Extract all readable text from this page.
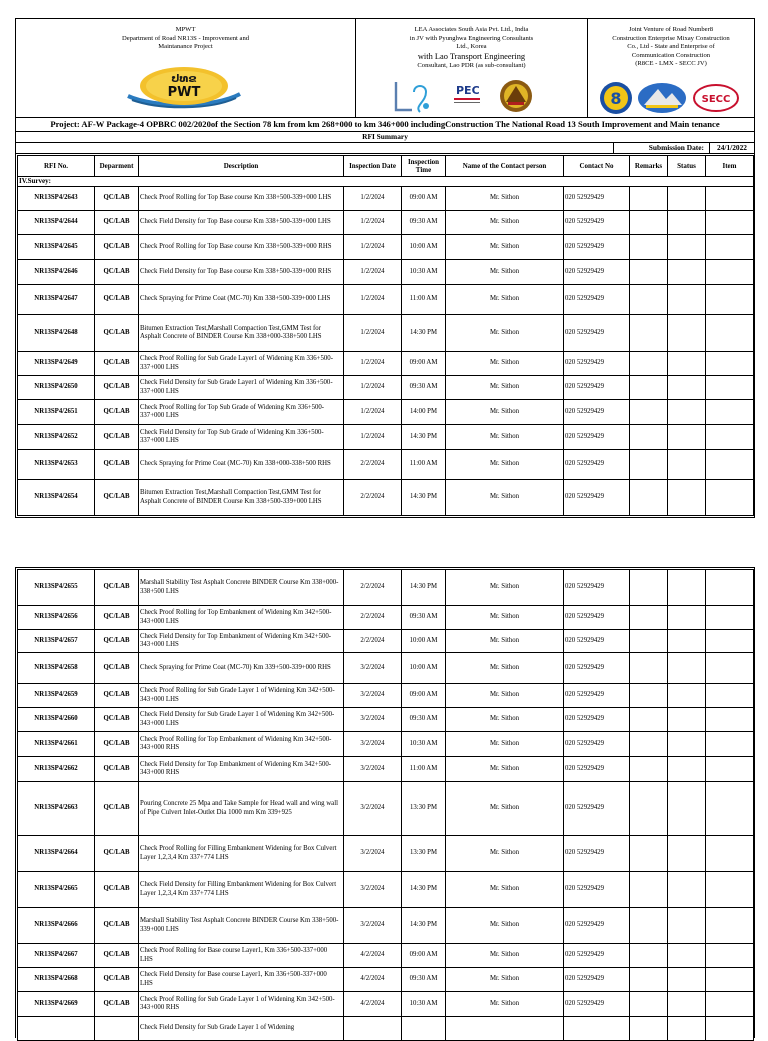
MPWT
Department of Road NR13S - Improvement and
Maintanance Project
ປທຂ
PWT
LEA Associates South Asia Pvt. Ltd., India
in JV with Pyunghwa Engineering Consultants
Ltd., Korea
with Lao Transport Engineering
Consultant, Lao PDR (as sub-consultant)
PEC
Joint Venture of Road Number8
Construction Enterprise Mixay Construction
Co., Ltd - State and Enterprise of
Communication Construction
(R8CE - LMX - SECC JV)
8	SECC
Project: AF-W Package-4 OPBRC 002/2020of the Section 78 km from km 268+000 to km 346+000 includingConstruction The National Road 13 South Improvement and Main tenance
RFI Summary
Submission Date:	24/1/2022
RFI No.	Deparment	Description	Inspection Date	Inspection Time	Name of the Contact person	Contact No	Remarks	Status	Item
IV.Survey:									
NR13SP4/2643	QC/LAB	Check Proof Rolling for Top Base course Km 338+500-339+000 LHS	1/2/2024	09:00 AM	Mr. Sithon	020 52929429			
NR13SP4/2644	QC/LAB	Check Field Density for Top Base course Km 338+500-339+000 LHS	1/2/2024	09:30 AM	Mr. Sithon	020 52929429			
NR13SP4/2645	QC/LAB	Check Proof Rolling for Top Base course Km 338+500-339+000 RHS	1/2/2024	10:00 AM	Mr. Sithon	020 52929429			
NR13SP4/2646	QC/LAB	Check Field Density for Top Base course Km 338+500-339+000 RHS	1/2/2024	10:30 AM	Mr. Sithon	020 52929429			
NR13SP4/2647	QC/LAB	Check Spraying for Prime Coat (MC-70) Km 338+500-339+000 LHS	1/2/2024	11:00 AM	Mr. Sithon	020 52929429			
NR13SP4/2648	QC/LAB	Bitumen Extraction Test,Marshall Compaction Test,GMM Test for Asphalt Concrete of BINDER Course Km 338+000-338+500 LHS	1/2/2024	14:30 PM	Mr. Sithon	020 52929429			
NR13SP4/2649	QC/LAB	Check Proof Rolling for Sub Grade Layer1 of Widening Km 336+500-337+000 LHS	1/2/2024	09:00 AM	Mr. Sithon	020 52929429			
NR13SP4/2650	QC/LAB	Check Field Density for Sub Grade Layer1 of Widening Km 336+500-337+000 LHS	1/2/2024	09:30 AM	Mr. Sithon	020 52929429			
NR13SP4/2651	QC/LAB	Check Proof Rolling for Top Sub Grade of Widening Km 336+500-337+000 LHS	1/2/2024	14:00 PM	Mr. Sithon	020 52929429			
NR13SP4/2652	QC/LAB	Check Field Density for Top Sub Grade of Widening Km 336+500-337+000 LHS	1/2/2024	14:30 PM	Mr. Sithon	020 52929429			
NR13SP4/2653	QC/LAB	Check Spraying for Prime Coat (MC-70) Km 338+000-338+500 RHS	2/2/2024	11:00 AM	Mr. Sithon	020 52929429			
NR13SP4/2654	QC/LAB	Bitumen Extraction Test,Marshall Compaction Test,GMM Test for Asphalt Concrete of BINDER Course Km 338+500-339+000 LHS	2/2/2024	14:30 PM	Mr. Sithon	020 52929429			
NR13SP4/2655	QC/LAB	Marshall Stability Test Asphalt Concrete BINDER Course Km 338+000-338+500 LHS	2/2/2024	14:30 PM	Mr. Sithon	020 52929429			
NR13SP4/2656	QC/LAB	Check Proof Rolling for Top Embankment of Widening Km 342+500-343+000 LHS	2/2/2024	09:30 AM	Mr. Sithon	020 52929429			
NR13SP4/2657	QC/LAB	Check Field Density for Top Embankment of Widening Km 342+500-343+000 LHS	2/2/2024	10:00 AM	Mr. Sithon	020 52929429			
NR13SP4/2658	QC/LAB	Check Spraying for Prime Coat (MC-70) Km 339+500-339+000 RHS	3/2/2024	10:00 AM	Mr. Sithon	020 52929429			
NR13SP4/2659	QC/LAB	Check Proof Rolling for Sub Grade Layer 1 of Widening Km 342+500-343+000 LHS	3/2/2024	09:00 AM	Mr. Sithon	020 52929429			
NR13SP4/2660	QC/LAB	Check Field Density for Sub Grade Layer 1 of Widening Km 342+500-343+000 LHS	3/2/2024	09:30 AM	Mr. Sithon	020 52929429			
NR13SP4/2661	QC/LAB	Check Proof Rolling for Top Embankment of Widening Km 342+500-343+000 RHS	3/2/2024	10:30 AM	Mr. Sithon	020 52929429			
NR13SP4/2662	QC/LAB	Check Field Density for Top Embankment of Widening Km 342+500-343+000 RHS	3/2/2024	11:00 AM	Mr. Sithon	020 52929429			
NR13SP4/2663	QC/LAB	Pouring Concrete 25 Mpa and Take Sample for Head wall and wing wall of Pipe Culvert Inlet-Outlet Dia 1000 mm Km 339+925	3/2/2024	13:30 PM	Mr. Sithon	020 52929429			
NR13SP4/2664	QC/LAB	Check Proof Rolling for Filling Embankment Widening for Box Culvert Layer 1,2,3,4 Km 337+774 LHS	3/2/2024	13:30 PM	Mr. Sithon	020 52929429			
NR13SP4/2665	QC/LAB	Check Field Density for Filling Embankment Widening for Box Culvert Layer 1,2,3,4 Km 337+774 LHS	3/2/2024	14:30 PM	Mr. Sithon	020 52929429			
NR13SP4/2666	QC/LAB	Marshall Stability Test Asphalt Concrete BINDER Course Km 338+500-339+000 LHS	3/2/2024	14:30 PM	Mr. Sithon	020 52929429			
NR13SP4/2667	QC/LAB	Check Proof Rolling for Base course Layer1, Km 336+500-337+000 LHS	4/2/2024	09:00 AM	Mr. Sithon	020 52929429			
NR13SP4/2668	QC/LAB	Check Field Density for Base course Layer1, Km 336+500-337+000 LHS	4/2/2024	09:30 AM	Mr. Sithon	020 52929429			
NR13SP4/2669	QC/LAB	Check Proof Rolling for Sub Grade Layer 1 of Widening Km 342+500-343+000 RHS	4/2/2024	10:30 AM	Mr. Sithon	020 52929429			
		Check Field Density for Sub Grade Layer 1 of Widening							
